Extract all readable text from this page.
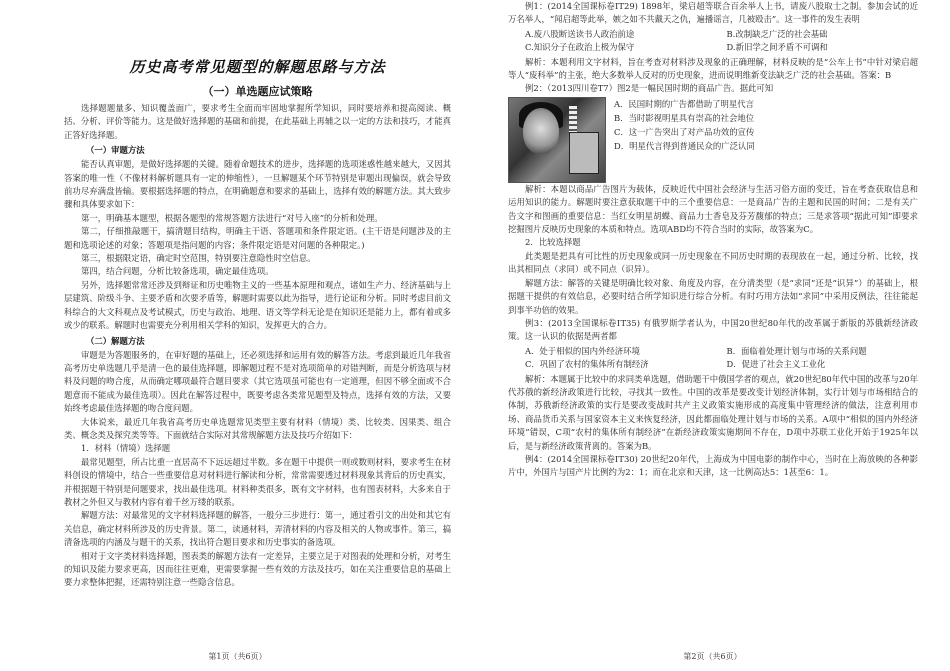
历史高考常见题型的解题思路与方法
（一）单选题应试策略

选择题题量多、知识覆盖面广，要求考生全面而牢固地掌握所学知识，同时要培养和提高阅读、概括、分析、评价等能力。这是做好选择题的基础和前提，在此基础上再辅之以一定的方法和技巧，才能真正答好选择题。

（一）审题方法

能否认真审题，是做好选择题的关键。随着命题技术的进步，选择题的选项迷惑性越来越大，又因其答案的唯一性（不像材料解析题具有一定的伸缩性），一旦解题某个环节特别是审题出现偏误，就会导致前功尽弃满盘皆输。要根据选择题的特点，在明确题意和要求的基础上，选择有效的解题方法。其大致步骤和具体要求如下：

第一，明确基本题型，根据各题型的常规答题方法进行“对号入座”的分析和处理。

第二，仔细推敲题干，搞清题目结构，明确主干语、答题项和条件限定语。(主干语是问题涉及的主题和选项论述的对象；答题项是指问题的内容；条件限定语是对问题的各种限定。)

第三，根据限定语，确定时空范围，特别要注意隐性时空信息。

第四，结合问题，分析比较备选项，确定最佳选项。

另外，选择题常常还涉及到辩证和历史唯物主义的一些基本原理和观点，诸如生产力、经济基础与上层建筑、阶级斗争、主要矛盾和次要矛盾等，解题时需要以此为指导，进行论证和分析。同时考虑目前文科综合的大文科观点及考试模式，历史与政治、地理、语文等学科无论是在知识还是能力上，都有着或多或少的联系。解题时也需要充分利用相关学科的知识，发挥更大的合力。

（二）解题方法

审题是为答题服务的，在审好题的基础上，还必须选择和运用有效的解答方法。考虑到最近几年我省高考历史单选题几乎是清一色的最佳选择题，即解题过程不是对选项简单的对错判断，而是分析选项与材料及问题的吻合度，从而确定哪项最符合题目要求（其它选项虽可能也有一定道理，但因不够全面或不合题意而不能成为最佳选项）。因此在解答过程中，既要考虑各类常见题型及特点，选择有效的方法，又要始终考虑最佳选择题的吻合度问题。

大体说来，最近几年我省高考历史单选题常见类型主要有材料（情境）类、比较类、因果类、组合类、概念类及探究类等等。下面就结合实际对其常规解题方法及技巧介绍如下：

1．材料（情境）选择题

最常见题型，所占比重一直居高不下远远超过半数。多在题干中提供一则或数则材料，要求考生在材料创设的情境中，结合一些重要信息对材料进行解读和分析，常常需要透过材料现象其背后的历史真实，并根据题干特别是问题要求，找出最佳选项。材料种类很多，既有文字材料，也有图表材料，大多来自于教材之外但又与教材内容有着千丝万缕的联系。

解题方法：对最常见的文字材料选择题的解答，一般分三步进行：第一，通过看引文的出处和其它有关信息，确定材料所涉及的历史背景。第二，读通材料，弄清材料的内容及相关的人物或事件。第三，搞清备选项的内涵及与题干的关系，找出符合题目要求和历史事实的备选项。

相对于文字类材料选择题，图表类的解题方法有一定差异，主要立足于对图表的处理和分析，对考生的知识及能力要求更高，因而往往更难，更需要掌握一些有效的方法及技巧，如在关注重要信息的基础上要力求整体把握，还需特别注意一些隐含信息。

第1页（共6页）

例1：(2014全国课标卷ⅠT29) 1898年，梁启超等联合百余举人上书，请废八股取士之制。参加会试的近万名举人，“闻启超等此举，嫉之如不共戴天之仇，遍播谣言，几被殴击”。这一事件的发生表明

A.废八股断送读书人政治前途	B.改制缺乏广泛的社会基础
C.知识分子在政治上极为保守	D.新旧学之间矛盾不可调和

解析：本题利用文字材料，旨在考查对材料涉及现象的正确理解，材料反映的是“公车上书”中针对梁启超等人“废科举”的主张，绝大多数举人反对的历史现象，进而说明维新变法缺乏广泛的社会基础。答案：B

例2：（2013四川卷T7）图2是一幅民国时期的商品广告。据此可知

A．民国时期的广告都借助了明星代言
B．当时影视明星具有崇高的社会地位
C．这一广告突出了对产品功效的宣传
D．明星代言得到普通民众的广泛认同

解析：本题以商品广告图片为载体，反映近代中国社会经济与生活习俗方面的变迁，旨在考查获取信息和运用知识的能力。解题时要注意获取题干中的三个重要信息：一是商品广告的主题和民国的时间；二是有关广告文字和图画的重要信息：当红女明星胡蝶、商品力士香皂及芬芳馥郁的特点；三是求答项“据此可知”即要求挖掘图片反映历史现象的本质和特点。选项ABD均不符合当时的实际，故答案为C。

2．比较选择题

此类题是把具有可比性的历史现象或同一历史现象在不同历史时期的表现放在一起，通过分析、比较，找出其相同点（求同）或不同点（识异）。

解题方法：解答的关键是明确比较对象、角度及内容，在分清类型（是“求同”还是“识异”）的基础上，根据题干提供的有效信息，必要时结合所学知识进行综合分析。有时巧用方法如“求同”中采用反例法，往往能起到事半功倍的效果。

例3：(2013全国课标卷ⅠT35) 有俄罗斯学者认为，中国20世纪80年代的改革属于新版的苏俄新经济政策。这一认识的依据是两者都

A．处于相似的国内外经济环境	B．面临着处理计划与市场的关系问题
C．巩固了农村的集体所有制经济	D．促进了社会主义工业化

解析：本题属于比较中的求同类单选题，借助题干中俄国学者的观点，就20世纪80年代中国的改革与20年代苏俄的新经济政策进行比较，寻找其一致性。中国的改革是要改变计划经济体制，实行计划与市场相结合的体制，苏俄新经济政策的实行是要改变战时共产主义政策实施形成的高度集中管理经济的做法，注意利用市场、商品货币关系与国家资本主义来恢复经济，因此都面临处理计划与市场的关系。A项中“相似的国内外经济环境”错误，C项“农村的集体所有制经济”在新经济政策实施期间不存在，D项中苏联工业化开始于1925年以后，是与新经济政策背离的。答案为B。

例4：(2014全国课标卷ⅠT30) 20世纪20年代，上海成为中国电影的制作中心，当时在上海放映的各种影片中，外国片与国产片比例约为2：1；而在北京和天津，这一比例高达5：1甚至6：1。

第2页（共6页）
